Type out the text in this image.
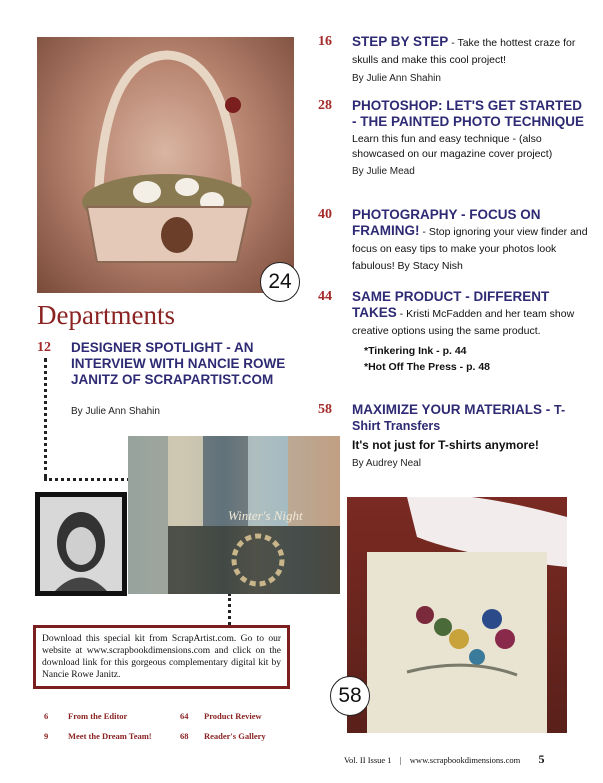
24
16 STEP BY STEP - Take the hottest craze for skulls and make this cool project!
By Julie Ann Shahin
28 PHOTOSHOP: LET'S GET STARTED - THE PAINTED PHOTO TECHNIQUE
Learn this fun and easy technique - (also showcased on our magazine cover project)
By Julie Mead
40 PHOTOGRAPHY - FOCUS ON FRAMING! - Stop ignoring your view finder and focus on easy tips to make your photos look fabulous! By Stacy Nish
44 SAME PRODUCT - DIFFERENT TAKES - Kristi McFadden and her team show creative options using the same product.
*Tinkering Ink - p. 44
*Hot Off The Press - p. 48
58 MAXIMIZE YOUR MATERIALS - T-Shirt Transfers
It's not just for T-shirts anymore!
By Audrey Neal
Departments
12 DESIGNER SPOTLIGHT - AN INTERVIEW WITH NANCIE ROWE JANITZ OF SCRAPARTIST.COM
By Julie Ann Shahin
Winter's Night
Download this special kit from ScrapArtist.com. Go to our website at www.scrapbookdimensions.com and click on the download link for this gorgeous complementary digital kit by Nancie Rowe Janitz.
6 From the Editor
9 Meet the Dream Team!
64 Product Review
68 Reader's Gallery
58
Vol. II Issue 1 | www.scrapbookdimensions.com 5
